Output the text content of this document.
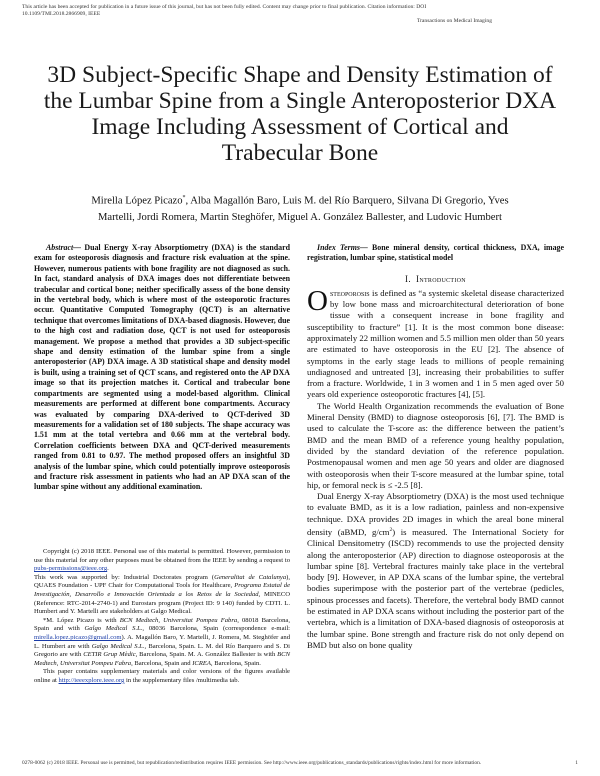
This article has been accepted for publication in a future issue of this journal, but has not been fully edited. Content may change prior to final publication. Citation information: DOI 10.1109/TMI.2018.2866909, IEEE
Transactions on Medical Imaging
3D Subject-Specific Shape and Density Estimation of the Lumbar Spine from a Single Anteroposterior DXA Image Including Assessment of Cortical and Trabecular Bone
Mirella López Picazo*, Alba Magallón Baro, Luis M. del Río Barquero, Silvana Di Gregorio, Yves
Martelli, Jordi Romera, Martin Steghöfer, Miguel A. González Ballester, and Ludovic Humbert

Abstract— Dual Energy X-ray Absorptiometry (DXA) is the standard exam for osteoporosis diagnosis and fracture risk evaluation at the spine. However, numerous patients with bone fragility are not diagnosed as such. In fact, standard analysis of DXA images does not differentiate between trabecular and cortical bone; neither specifically assess of the bone density in the vertebral body, which is where most of the osteoporotic fractures occur. Quantitative Computed Tomography (QCT) is an alternative technique that overcomes limitations of DXA-based diagnosis. However, due to the high cost and radiation dose, QCT is not used for osteoporosis management. We propose a method that provides a 3D subject-specific shape and density estimation of the lumbar spine from a single anteroposterior (AP) DXA image. A 3D statistical shape and density model is built, using a training set of QCT scans, and registered onto the AP DXA image so that its projection matches it. Cortical and trabecular bone compartments are segmented using a model-based algorithm. Clinical measurements are performed at different bone compartments. Accuracy was evaluated by comparing DXA-derived to QCT-derived 3D measurements for a validation set of 180 subjects. The shape accuracy was 1.51 mm at the total vertebra and 0.66 mm at the vertebral body. Correlation coefficients between DXA and QCT-derived measurements ranged from 0.81 to 0.97. The method proposed offers an insightful 3D analysis of the lumbar spine, which could potentially improve osteoporosis and fracture risk assessment in patients who had an AP DXA scan of the lumbar spine without any additional examination.

Copyright (c) 2018 IEEE. Personal use of this material is permitted. However, permission to use this material for any other purposes must be obtained from the IEEE by sending a request to pubs-permissions@ieee.org.

This work was supported by: Industrial Doctorates program (Generalitat de Catalunya), QUAES Foundation - UPF Chair for Computational Tools for Healthcare, Programa Estatal de Investigación, Desarrollo e Innovación Orientada a los Retos de la Sociedad, MINECO (Reference: RTC-2014-2740-1) and Eurostars program (Project ID: 9 140) funded by CDTI. L. Humbert and Y. Martelli are stakeholders at Galgo Medical.

*M. López Picazo is with BCN Medtech, Universitat Pompeu Fabra, 08018 Barcelona, Spain and with Galgo Medical S.L., 08036 Barcelona, Spain (correspondence e-mail: mirella.lopez.picazo@gmail.com). A. Magallón Baro, Y. Martelli, J. Romera, M. Steghöfer and L. Humbert are with Galgo Medical S.L., Barcelona, Spain. L. M. del Río Barquero and S. Di Gregorio are with CETIR Grup Mèdic, Barcelona, Spain. M. A. González Ballester is with BCN Medtech, Universitat Pompeu Fabra, Barcelona, Spain and ICREA, Barcelona, Spain.

This paper contains supplementary materials and color versions of the figures available online at http://ieeexplore.ieee.org in the supplementary files /multimedia tab.

Index Terms— Bone mineral density, cortical thickness, DXA, image registration, lumbar spine, statistical model

I. Introduction

Osteoporosis is defined as “a systemic skeletal disease characterized by low bone mass and microarchitectural deterioration of bone tissue with a consequent increase in bone fragility and susceptibility to fracture” [1]. It is the most common bone disease: approximately 22 million women and 5.5 million men older than 50 years are estimated to have osteoporosis in the EU [2]. The absence of symptoms in the early stage leads to millions of people remaining undiagnosed and untreated [3], increasing their probabilities to suffer from a fracture. Worldwide, 1 in 3 women and 1 in 5 men aged over 50 years old experience osteoporotic fractures [4], [5].

The World Health Organization recommends the evaluation of Bone Mineral Density (BMD) to diagnose osteoporosis [6], [7]. The BMD is used to calculate the T-score as: the difference between the patient’s BMD and the mean BMD of a reference young healthy population, divided by the standard deviation of the reference population. Postmenopausal women and men age 50 years and older are diagnosed with osteoporosis when their T-score measured at the lumbar spine, total hip, or femoral neck is ≤ -2.5 [8].

Dual Energy X-ray Absorptiometry (DXA) is the most used technique to evaluate BMD, as it is a low radiation, painless and non-expensive technique. DXA provides 2D images in which the areal bone mineral density (aBMD, $g/cm^2$) is measured. The International Society for Clinical Densitometry (ISCD) recommends to use the projected density along the anteroposterior (AP) direction to diagnose osteoporosis at the lumbar spine [8]. Vertebral fractures mainly take place in the vertebral body [9]. However, in AP DXA scans of the lumbar spine, the vertebral bodies superimpose with the posterior part of the vertebrae (pedicles, spinous processes and facets). Therefore, the vertebral body BMD cannot be estimated in AP DXA scans without including the posterior part of the vertebra, which is a limitation of DXA-based diagnosis of osteoporosis at the lumbar spine. Bone strength and fracture risk do not only depend on BMD but also on bone quality

0278-0062 (c) 2018 IEEE. Personal use is permitted, but republication/redistribution requires IEEE permission. See http://www.ieee.org/publications_standards/publications/rights/index.html for more information.	1
